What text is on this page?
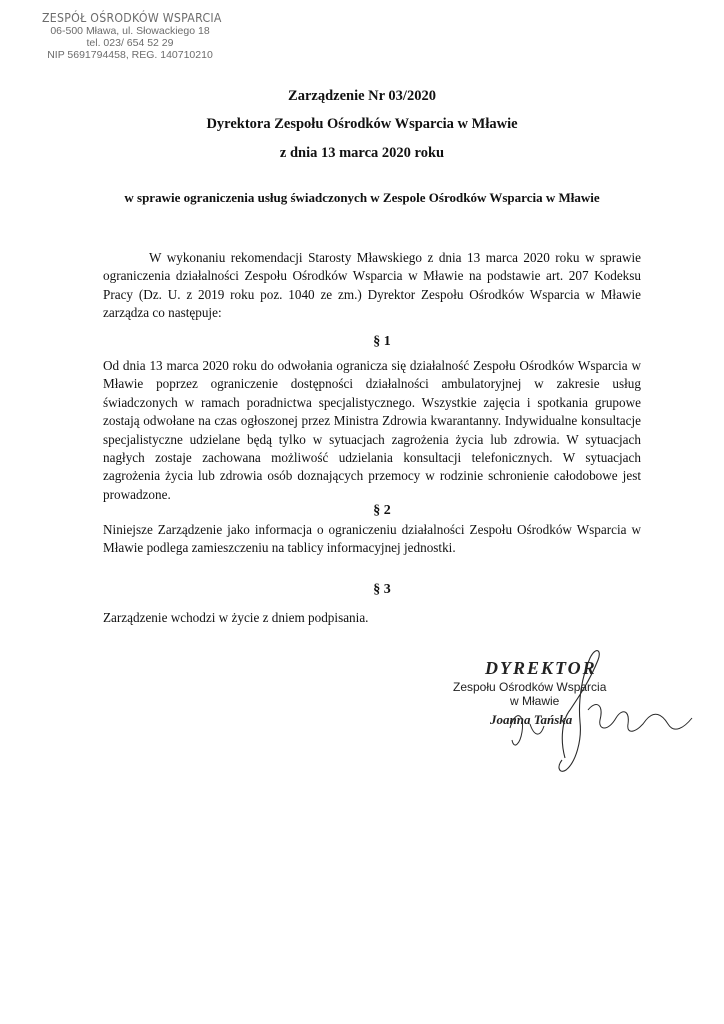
ZESPÓŁ OŚRODKÓW WSPARCIA
06-500 Mława, ul. Słowackiego 18
tel. 023/ 654 52 29
NIP 5691794458, REG. 140710210
Zarządzenie Nr 03/2020
Dyrektora Zespołu Ośrodków Wsparcia w Mławie
z dnia 13 marca 2020 roku
w sprawie ograniczenia usług świadczonych w Zespole Ośrodków Wsparcia w Mławie
W wykonaniu rekomendacji Starosty Mławskiego z dnia 13 marca 2020 roku w sprawie ograniczenia działalności Zespołu Ośrodków Wsparcia w Mławie na podstawie art. 207 Kodeksu Pracy (Dz. U. z 2019 roku poz. 1040 ze zm.) Dyrektor Zespołu Ośrodków Wsparcia w Mławie zarządza co następuje:
§ 1
Od dnia 13 marca 2020 roku do odwołania ogranicza się działalność Zespołu Ośrodków Wsparcia w Mławie poprzez ograniczenie dostępności działalności ambulatoryjnej w zakresie usług świadczonych w ramach poradnictwa specjalistycznego. Wszystkie zajęcia i spotkania grupowe zostają odwołane na czas ogłoszonej przez Ministra Zdrowia kwarantanny. Indywidualne konsultacje specjalistyczne udzielane będą tylko w sytuacjach zagrożenia życia lub zdrowia. W sytuacjach nagłych zostaje zachowana możliwość udzielania konsultacji telefonicznych. W sytuacjach zagrożenia życia lub zdrowia osób doznających przemocy w rodzinie schronienie całodobowe jest prowadzone.
§ 2
Niniejsze Zarządzenie jako informacja o ograniczeniu działalności Zespołu Ośrodków Wsparcia w Mławie podlega zamieszczeniu na tablicy informacyjnej jednostki.
§ 3
Zarządzenie wchodzi w życie z dniem podpisania.
DYREKTOR
Zespołu Ośrodków Wsparcia
w Mławie
Joanna Tańska
